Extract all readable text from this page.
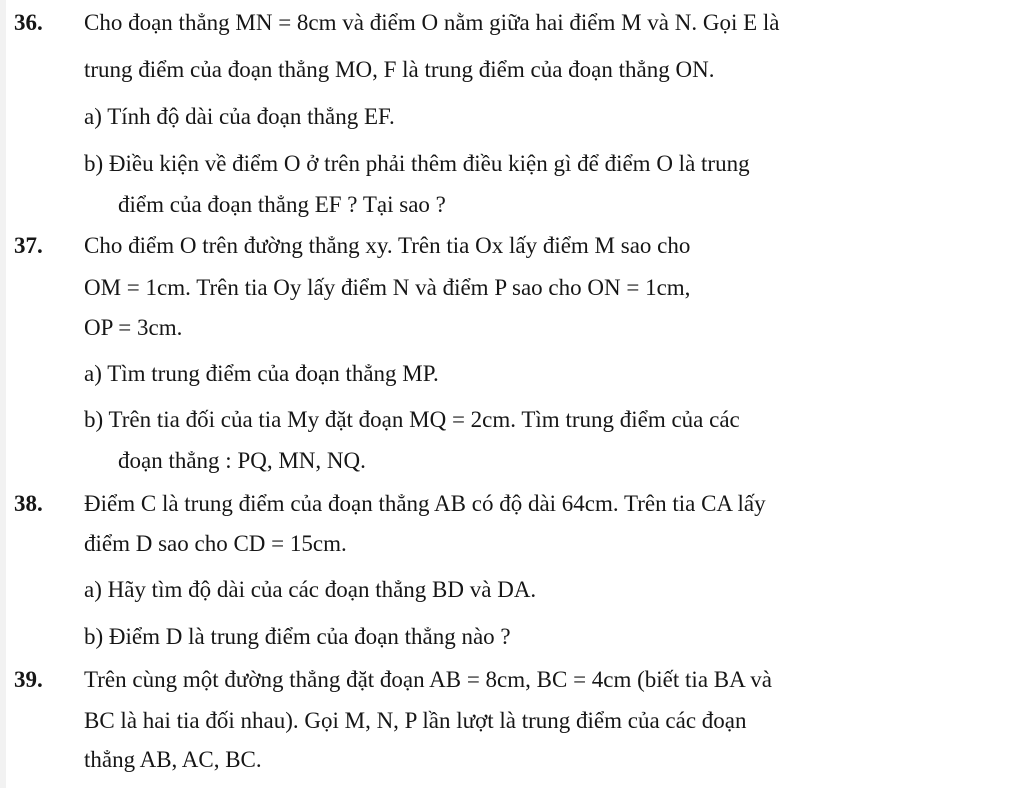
36. Cho đoạn thẳng MN = 8cm và điểm O nằm giữa hai điểm M và N. Gọi E là
trung điểm của đoạn thẳng MO, F là trung điểm của đoạn thẳng ON.
a) Tính độ dài của đoạn thẳng EF.
b) Điều kiện về điểm O ở trên phải thêm điều kiện gì để điểm O là trung
điểm của đoạn thẳng EF ? Tại sao ?
37. Cho điểm O trên đường thẳng xy. Trên tia Ox lấy điểm M sao cho
OM = 1cm. Trên tia Oy lấy điểm N và điểm P sao cho ON = 1cm,
OP = 3cm.
a) Tìm trung điểm của đoạn thẳng MP.
b) Trên tia đối của tia My đặt đoạn MQ = 2cm. Tìm trung điểm của các
đoạn thẳng : PQ, MN, NQ.
38. Điểm C là trung điểm của đoạn thẳng AB có độ dài 64cm. Trên tia CA lấy
điểm D sao cho CD = 15cm.
a) Hãy tìm độ dài của các đoạn thẳng BD và DA.
b) Điểm D là trung điểm của đoạn thẳng nào ?
39. Trên cùng một đường thẳng đặt đoạn AB = 8cm, BC = 4cm (biết tia BA và
BC là hai tia đối nhau). Gọi M, N, P lần lượt là trung điểm của các đoạn
thẳng AB, AC, BC.
